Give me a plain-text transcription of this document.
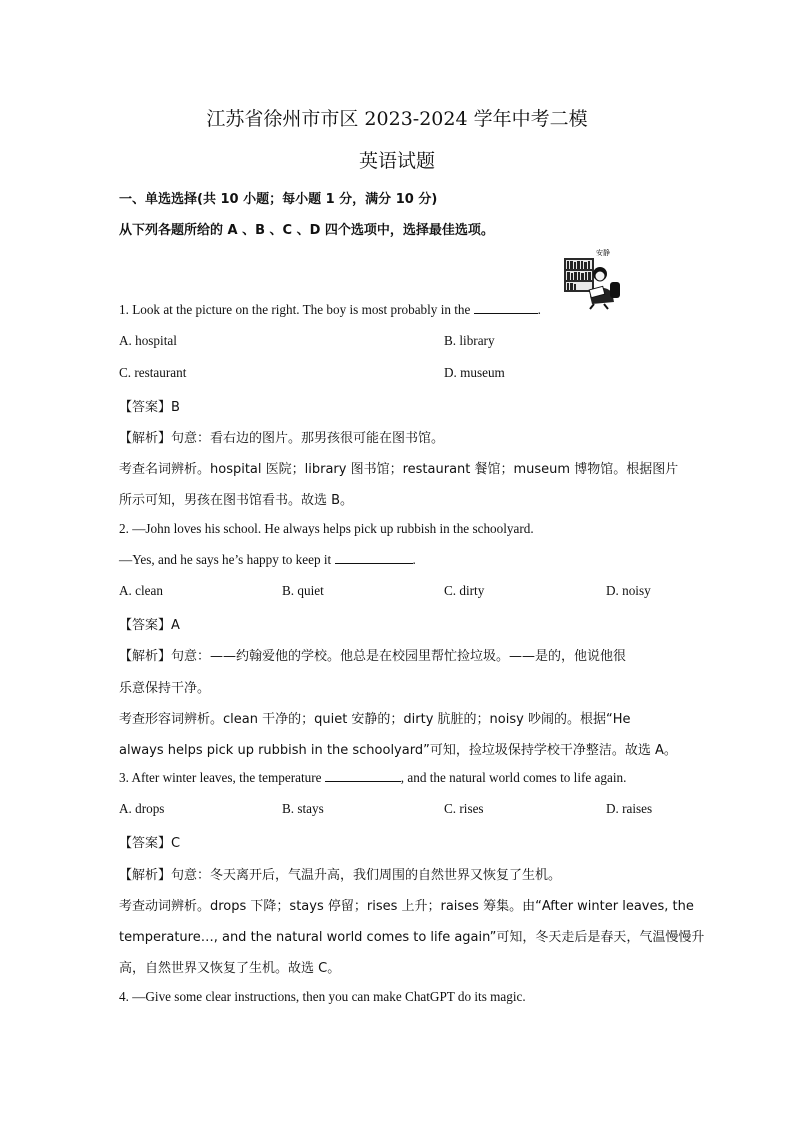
江苏省徐州市市区 2023-2024 学年中考二模
英语试题
一、单选选择(共 10 小题；每小题 1 分，满分 10 分)
从下列各题所给的 A 、B 、C 、D 四个选项中，选择最佳选项。
安静
1. Look at the picture on the right. The boy is most probably in the	.
A. hospital	B. library
C. restaurant	D. museum
【答案】B
【解析】句意：看右边的图片。那男孩很可能在图书馆。
考查名词辨析。hospital 医院；library 图书馆；restaurant 餐馆；museum 博物馆。根据图片
所示可知，男孩在图书馆看书。故选 B。
2. —John loves his school. He always helps pick up rubbish in the schoolyard.
—Yes, and he says he’s happy to keep it	.
A. clean	B. quiet	C. dirty	D. noisy
【答案】A
【解析】句意：——约翰爱他的学校。他总是在校园里帮忙捡垃圾。——是的，他说他很
乐意保持干净。
考查形容词辨析。clean 干净的；quiet 安静的；dirty 肮脏的；noisy 吵闹的。根据“He
always helps pick up rubbish in the schoolyard”可知，捡垃圾保持学校干净整洁。故选 A。
3. After winter leaves, the temperature	, and the natural world comes to life again.
A. drops	B. stays	C. rises	D. raises
【答案】C
【解析】句意：冬天离开后，气温升高，我们周围的自然世界又恢复了生机。
考查动词辨析。drops 下降；stays 停留；rises 上升；raises 筹集。由“After winter leaves, the
temperature…, and the natural world comes to life again”可知，冬天走后是春天，气温慢慢升
高，自然世界又恢复了生机。故选 C。
4. —Give some clear instructions, then you can make ChatGPT do its magic.
